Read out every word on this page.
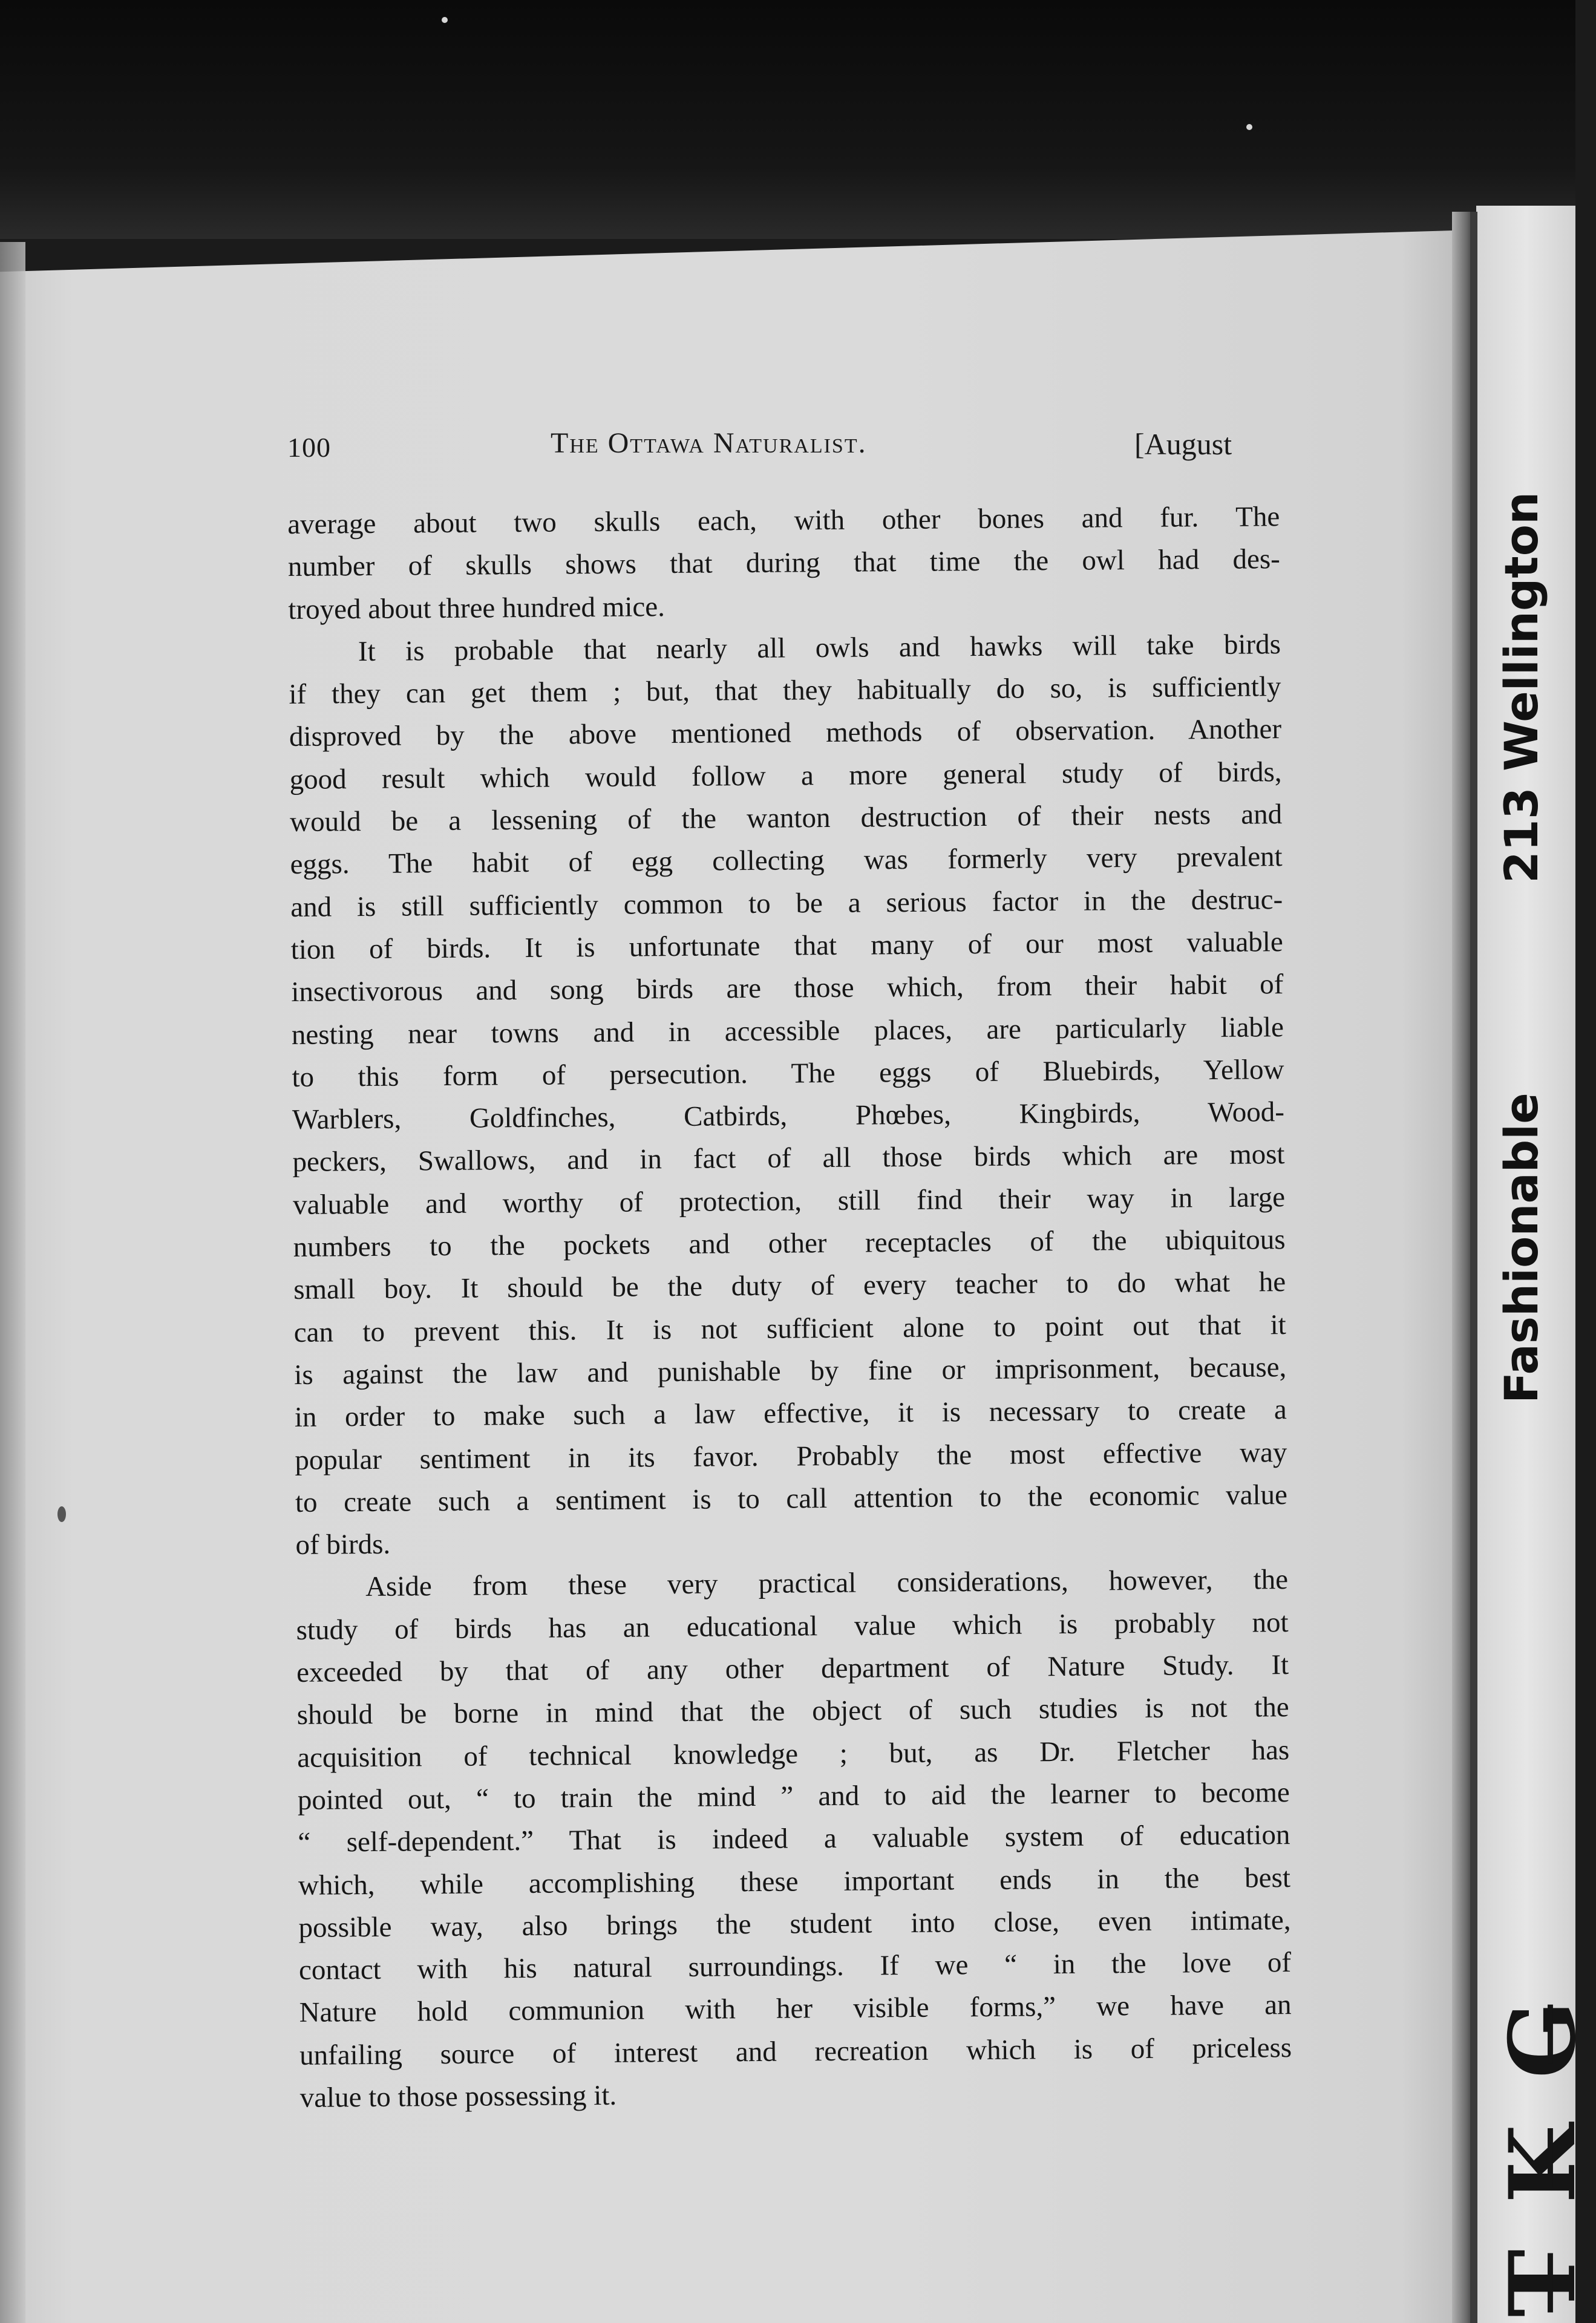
100	The Ottawa Naturalist.	[August
average about two skulls each, with other bones and fur. The
number of skulls shows that during that time the owl had des-
troyed about three hundred mice.
It is probable that nearly all owls and hawks will take birds
if they can get them ; but, that they habitually do so, is sufficiently
disproved by the above mentioned methods of observation. Another
good result which would follow a more general study of birds,
would be a lessening of the wanton destruction of their nests and
eggs. The habit of egg collecting was formerly very prevalent
and is still sufficiently common to be a serious factor in the destruc-
tion of birds. It is unfortunate that many of our most valuable
insectivorous and song birds are those which, from their habit of
nesting near towns and in accessible places, are particularly liable
to this form of persecution. The eggs of Bluebirds, Yellow
Warblers, Goldfinches, Catbirds, Phœbes, Kingbirds, Wood-
peckers, Swallows, and in fact of all those birds which are most
valuable and worthy of protection, still find their way in large
numbers to the pockets and other receptacles of the ubiquitous
small boy. It should be the duty of every teacher to do what he
can to prevent this. It is not sufficient alone to point out that it
is against the law and punishable by fine or imprisonment, because,
in order to make such a law effective, it is necessary to create a
popular sentiment in its favor. Probably the most effective way
to create such a sentiment is to call attention to the economic value
of birds.
Aside from these very practical considerations, however, the
study of birds has an educational value which is probably not
exceeded by that of any other department of Nature Study. It
should be borne in mind that the object of such studies is not the
acquisition of technical knowledge ; but, as Dr. Fletcher has
pointed out, “ to train the mind ” and to aid the learner to become
“ self-dependent.” That is indeed a valuable system of education
which, while accomplishing these important ends in the best
possible way, also brings the student into close, even intimate,
contact with his natural surroundings. If we “ in the love of
Nature hold communion with her visible forms,” we have an
unfailing source of interest and recreation which is of priceless
value to those possessing it.
213 Wellington
Fashionable
T̶ K̶ G̶
